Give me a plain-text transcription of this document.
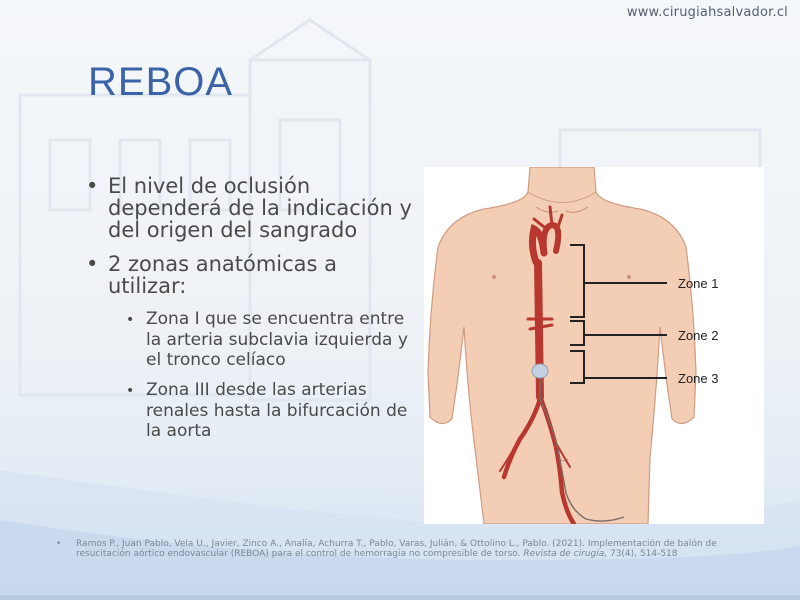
www.cirugiahsalvador.cl
REBOA
• El nivel de oclusión dependerá de la indicación y del origen del sangrado
• 2 zonas anatómicas a utilizar:
• Zona I que se encuentra entre la arteria subclavia izquierda y el tronco celíaco
• Zona III desde las arterias renales hasta la bifurcación de la aorta
Zone 1
Zone 2
Zone 3
• Ramos P., Juan Pablo, Vela U., Javier, Zinco A., Analía, Achurra T., Pablo, Varas, Julián, & Ottolino L., Pablo. (2021). Implementación de balón de resucitación aórtico endovascular (REBOA) para el control de hemorragia no compresible de torso. Revista de cirugía, 73(4), 514-518
